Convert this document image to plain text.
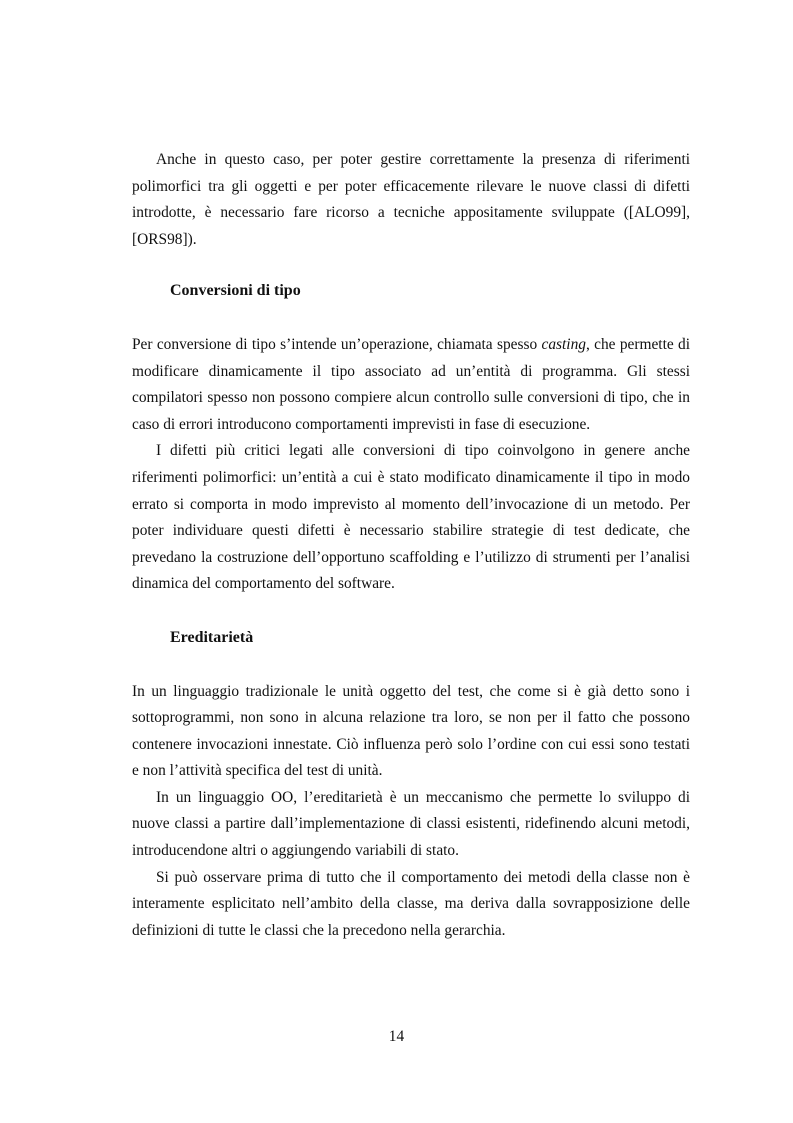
Anche in questo caso, per poter gestire correttamente la presenza di riferimenti polimorfici tra gli oggetti e per poter efficacemente rilevare le nuove classi di difetti introdotte, è necessario fare ricorso a tecniche appositamente sviluppate ([ALO99], [ORS98]).

Conversioni di tipo

Per conversione di tipo s’intende un’operazione, chiamata spesso casting, che permette di modificare dinamicamente il tipo associato ad un’entità di programma. Gli stessi compilatori spesso non possono compiere alcun controllo sulle conversioni di tipo, che in caso di errori introducono comportamenti imprevisti in fase di esecuzione.

I difetti più critici legati alle conversioni di tipo coinvolgono in genere anche riferimenti polimorfici: un’entità a cui è stato modificato dinamicamente il tipo in modo errato si comporta in modo imprevisto al momento dell’invocazione di un metodo. Per poter individuare questi difetti è necessario stabilire strategie di test dedicate, che prevedano la costruzione dell’opportuno scaffolding e l’utilizzo di strumenti per l’analisi dinamica del comportamento del software.

Ereditarietà

In un linguaggio tradizionale le unità oggetto del test, che come si è già detto sono i sottoprogrammi, non sono in alcuna relazione tra loro, se non per il fatto che possono contenere invocazioni innestate. Ciò influenza però solo l’ordine con cui essi sono testati e non l’attività specifica del test di unità.

In un linguaggio OO, l’ereditarietà è un meccanismo che permette lo sviluppo di nuove classi a partire dall’implementazione di classi esistenti, ridefinendo alcuni metodi, introducendone altri o aggiungendo variabili di stato.

Si può osservare prima di tutto che il comportamento dei metodi della classe non è interamente esplicitato nell’ambito della classe, ma deriva dalla sovrapposizione delle definizioni di tutte le classi che la precedono nella gerarchia.

14
